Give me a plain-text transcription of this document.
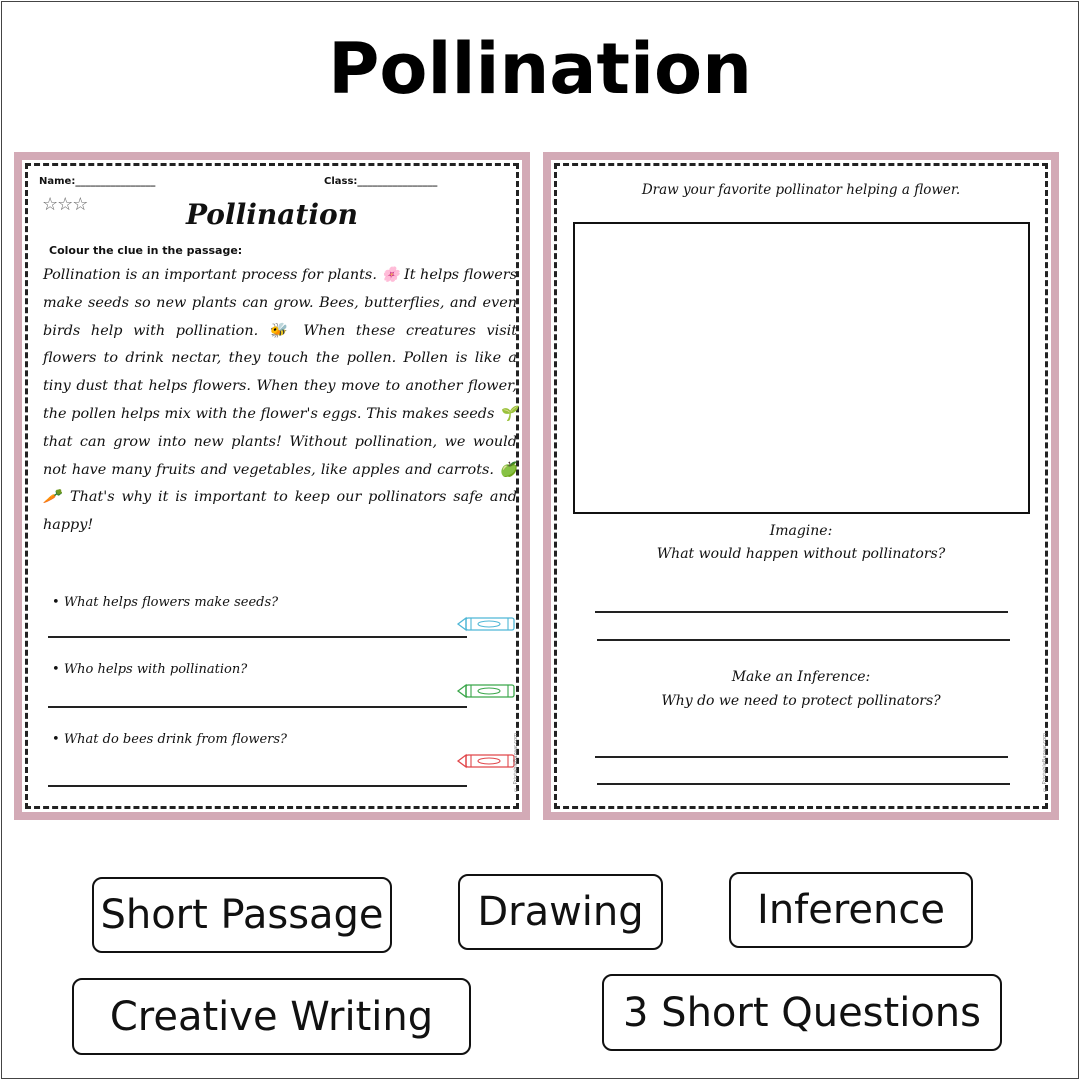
Pollination
Name:________________	Class:________________
☆☆☆	Pollination
Colour the clue in the passage:
Pollination is an important process for plants. 🌸 It helps flowers make seeds so new plants can grow. Bees, butterflies, and even birds help with pollination. 🐝 When these creatures visit flowers to drink nectar, they touch the pollen. Pollen is like a tiny dust that helps flowers. When they move to another flower, the pollen helps mix with the flower's eggs. This makes seeds 🌱 that can grow into new plants! Without pollination, we would not have many fruits and vegetables, like apples and carrots. 🍏🥕 That's why it is important to keep our pollinators safe and happy!
• What helps flowers make seeds?
• Who helps with pollination?
• What do bees drink from flowers?	© PrintableBazaar.com
Draw your favorite pollinator helping a flower.
Imagine:
What would happen without pollinators?
Make an Inference:
Why do we need to protect pollinators?
© PrintableBazaar.com
Short Passage	Drawing	Inference
Creative Writing	3 Short Questions
